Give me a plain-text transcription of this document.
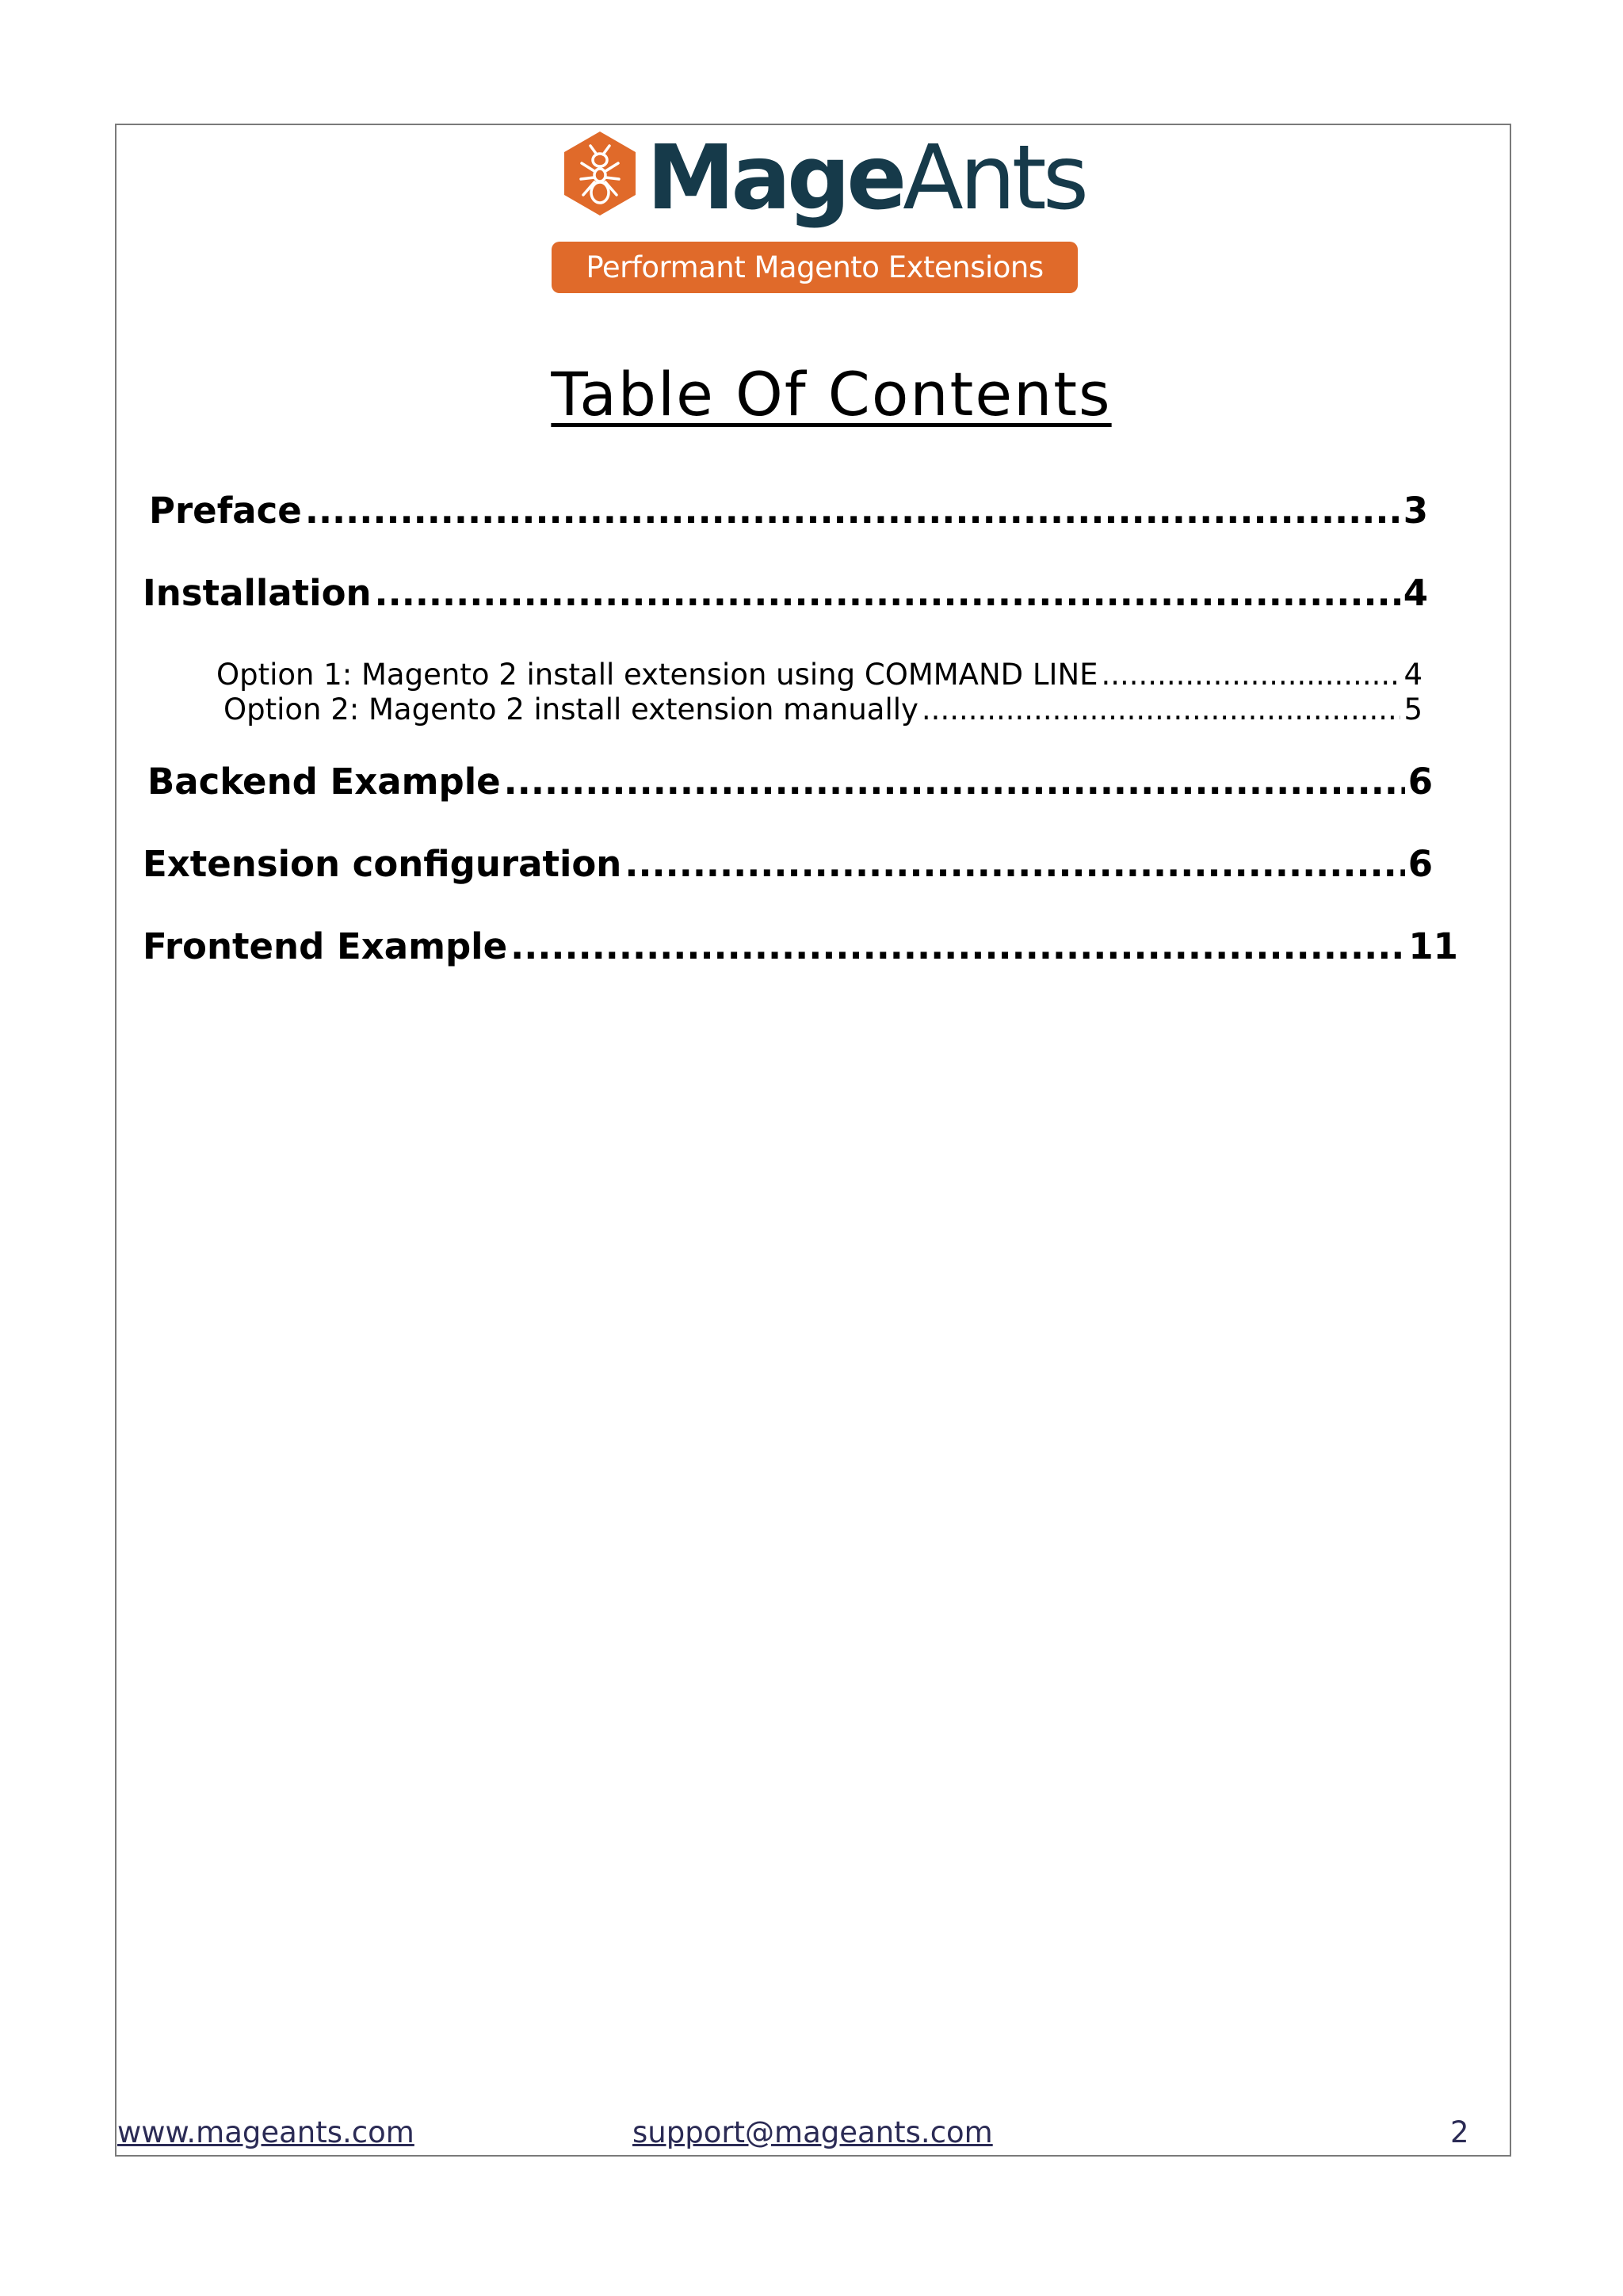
MageAnts
Performant Magento Extensions
Table Of Contents
Preface .....	3
Installation .....	4
Option 1: Magento 2 install extension using COMMAND LINE .....	4
Option 2: Magento 2 install extension manually .....	5
Backend Example .....	6
Extension configuration .....	6
Frontend Example .....	11
www.mageants.com	support@mageants.com	2
